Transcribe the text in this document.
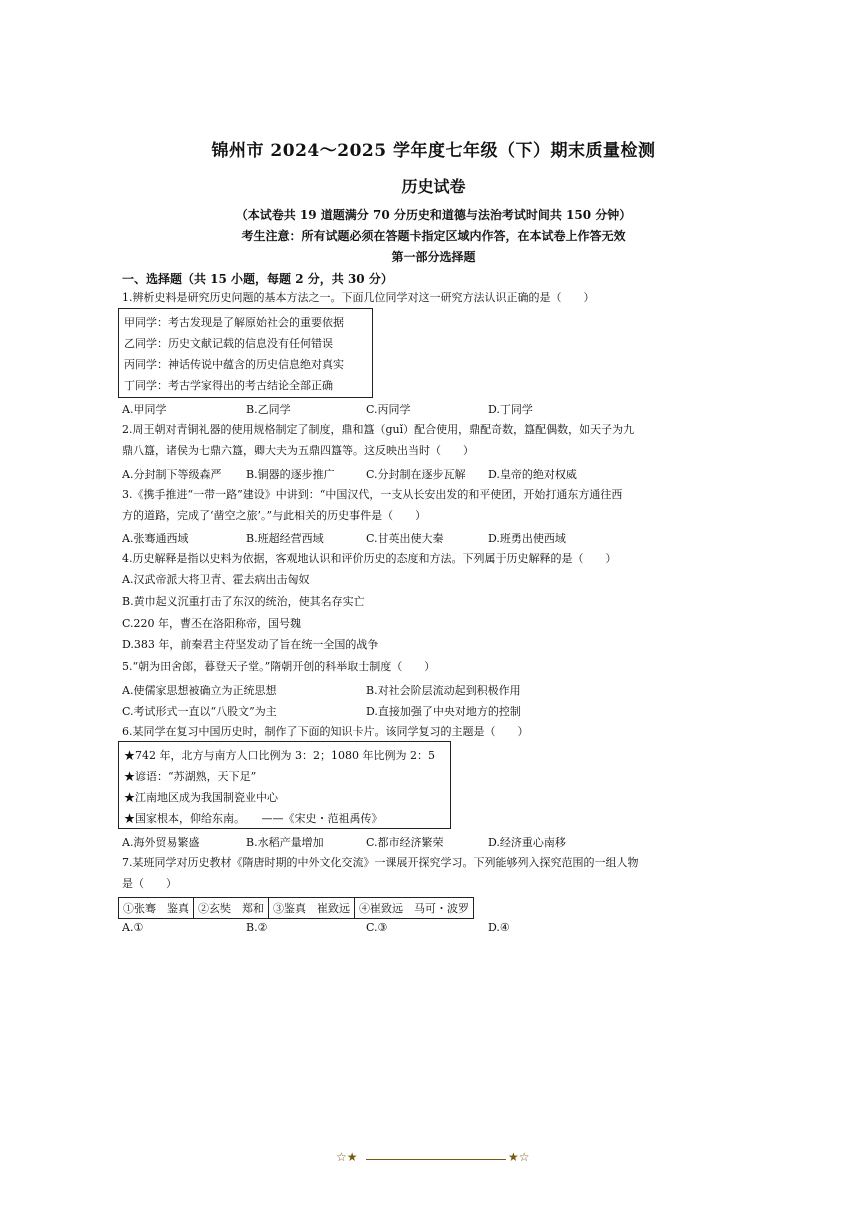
锦州市 2024～2025 学年度七年级（下）期末质量检测
历史试卷
（本试卷共 19 道题满分 70 分历史和道德与法治考试时间共 150 分钟）
考生注意：所有试题必须在答题卡指定区域内作答，在本试卷上作答无效
第一部分选择题
一、选择题（共 15 小题，每题 2 分，共 30 分）
1.辨析史料是研究历史问题的基本方法之一。下面几位同学对这一研究方法认识正确的是（　　）
甲同学：考古发现是了解原始社会的重要依据
乙同学：历史文献记载的信息没有任何错误
丙同学：神话传说中蕴含的历史信息绝对真实
丁同学：考古学家得出的考古结论全部正确
A.甲同学	B.乙同学	C.丙同学	D.丁同学
2.周王朝对青铜礼器的使用规格制定了制度，鼎和簋（guǐ）配合使用，鼎配奇数，簋配偶数，如天子为九
鼎八簋，诸侯为七鼎六簋，卿大夫为五鼎四簋等。这反映出当时（　　）
A.分封制下等级森严 B.铜器的逐步推广	C.分封制在逐步瓦解 D.皇帝的绝对权威
3.《携手推进“一带一路”建设》中讲到：“中国汉代，一支从长安出发的和平使团，开始打通东方通往西
方的道路，完成了‘凿空之旅’。”与此相关的历史事件是（　　）
A.张骞通西域	B.班超经营西域	C.甘英出使大秦	D.班勇出使西域
4.历史解释是指以史料为依据，客观地认识和评价历史的态度和方法。下列属于历史解释的是（　　）
A.汉武帝派大将卫青、霍去病出击匈奴
B.黄巾起义沉重打击了东汉的统治，使其名存实亡
C.220 年，曹丕在洛阳称帝，国号魏
D.383 年，前秦君主苻坚发动了旨在统一全国的战争
5.“朝为田舍郎，暮登天子堂。”隋朝开创的科举取士制度（　　）
A.使儒家思想被确立为正统思想	B.对社会阶层流动起到积极作用
C.考试形式一直以“八股文”为主	D.直接加强了中央对地方的控制
6.某同学在复习中国历史时，制作了下面的知识卡片。该同学复习的主题是（　　）
★742 年，北方与南方人口比例为 3：2；1080 年比例为 2：5
★谚语：“苏湖熟，天下足”
★江南地区成为我国制瓷业中心
★国家根本，仰给东南。　　——《宋史・范祖禹传》
A.海外贸易繁盛	B.水稻产量增加	C.都市经济繁荣	D.经济重心南移
7.某班同学对历史教材《隋唐时期的中外文化交流》一课展开探究学习。下列能够列入探究范围的一组人物
是（　　）
①张骞　鉴真	②玄奘　郑和	③鉴真　崔致远	④崔致远　马可・波罗
A.①	B.②	C.③	D.④
☆★	★☆
